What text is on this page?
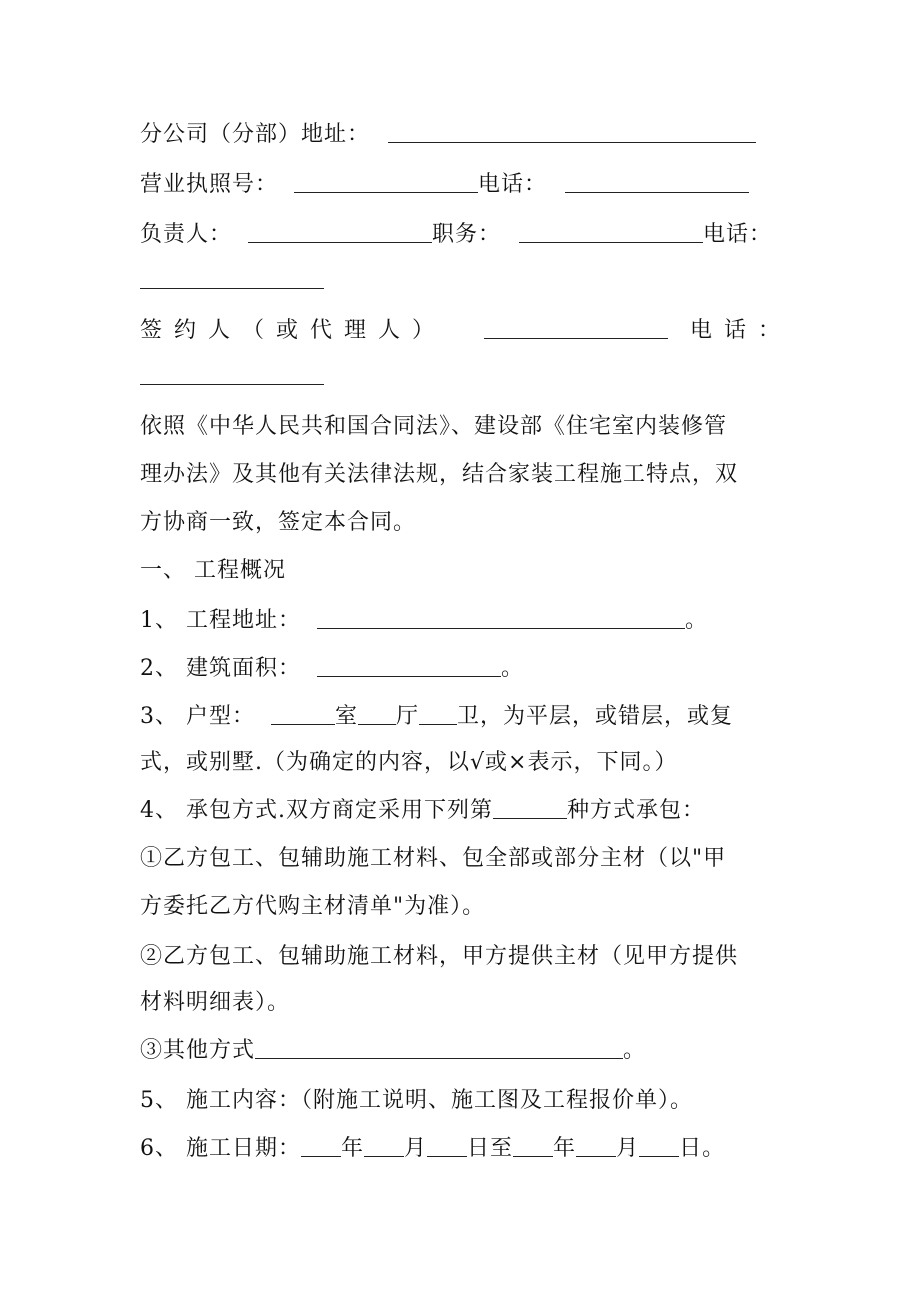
分公司（分部）地址：
营业执照号：	电话：
负责人：	职务：	电话：
签约人（或代理人）	电话：
依照《中华人民共和国合同法》、建设部《住宅室内装修管
理办法》及其他有关法律法规，结合家装工程施工特点，双
方协商一致，签定本合同。
一、 工程概况
1、 工程地址：	。
2、 建筑面积：	。
3、 户型：	室 厅 卫，为平层，或错层，或复
式，或别墅.（为确定的内容，以√或×表示，下同。）
4、 承包方式.双方商定采用下列第	种方式承包：
①乙方包工、包辅助施工材料、包全部或部分主材（以"甲
方委托乙方代购主材清单"为准）。
②乙方包工、包辅助施工材料，甲方提供主材（见甲方提供
材料明细表）。
③其他方式	。
5、 施工内容：（附施工说明、施工图及工程报价单）。
6、 施工日期： 年 月 日至 年 月 日。
